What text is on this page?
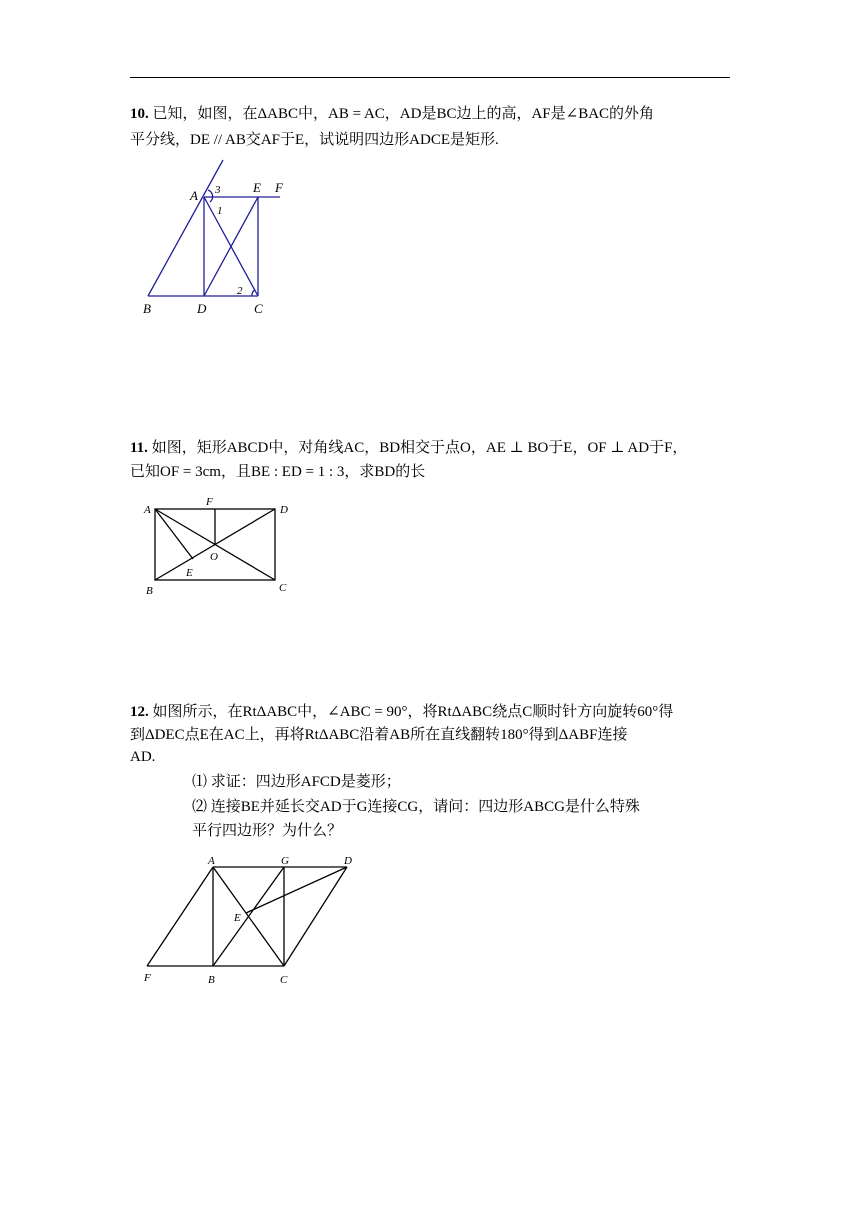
10. 已知，如图，在ΔABC中，AB = AC，AD是BC边上的高，AF是∠BAC的外角
平分线，DE // AB交AF于E，试说明四边形ADCE是矩形.
A 3
1
E F
2
B	D	C
11. 如图，矩形ABCD中，对角线AC，BD相交于点O，AE ⊥ BO于E，OF ⊥ AD于F，
已知OF = 3cm，且BE : ED = 1 : 3，求BD的长
A
F
D
O
E
B	C
12. 如图所示，在RtΔABC中，∠ABC = 90°，将RtΔABC绕点C顺时针方向旋转60°得
到ΔDEC点E在AC上，再将RtΔABC沿着AB所在直线翻转180°得到ΔABF连接
AD.
⑴ 求证：四边形AFCD是菱形；
⑵ 连接BE并延长交AD于G连接CG，请问：四边形ABCG是什么特殊
平行四边形？为什么？
A	G	D
E
F	B	C
